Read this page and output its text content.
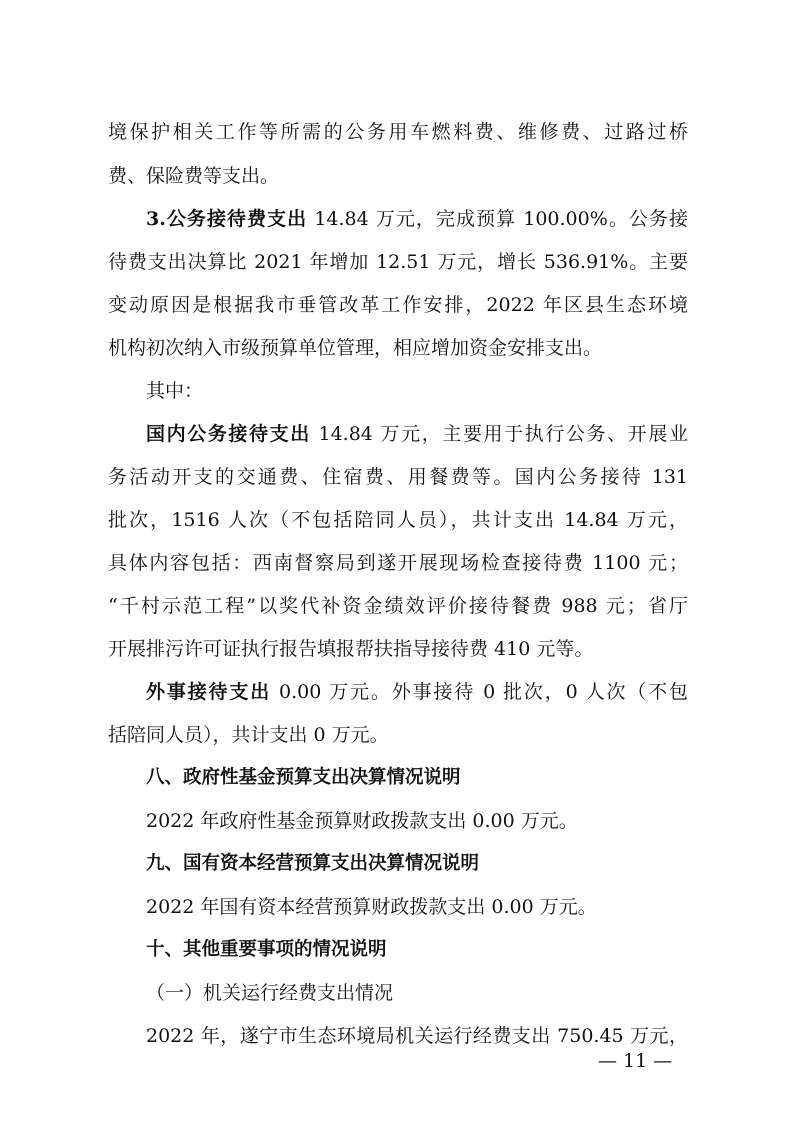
境保护相关工作等所需的公务用车燃料费、维修费、过路过桥

费、保险费等支出。

3.公务接待费支出 14.84 万元，完成预算 100.00%。公务接

待费支出决算比 2021 年增加 12.51 万元，增长 536.91%。主要

变动原因是根据我市垂管改革工作安排，2022 年区县生态环境

机构初次纳入市级预算单位管理，相应增加资金安排支出。

其中：

国内公务接待支出 14.84 万元，主要用于执行公务、开展业

务活动开支的交通费、住宿费、用餐费等。国内公务接待 131

批次，1516 人次（不包括陪同人员），共计支出 14.84 万元，

具体内容包括：西南督察局到遂开展现场检查接待费 1100 元；

“千村示范工程”以奖代补资金绩效评价接待餐费 988 元；省厅

开展排污许可证执行报告填报帮扶指导接待费 410 元等。

外事接待支出 0.00 万元。外事接待 0 批次，0 人次（不包

括陪同人员），共计支出 0 万元。

八、政府性基金预算支出决算情况说明

2022 年政府性基金预算财政拨款支出 0.00 万元。

九、国有资本经营预算支出决算情况说明

2022 年国有资本经营预算财政拨款支出 0.00 万元。

十、其他重要事项的情况说明

（一）机关运行经费支出情况

2022 年，遂宁市生态环境局机关运行经费支出 750.45 万元，

— 11 —
